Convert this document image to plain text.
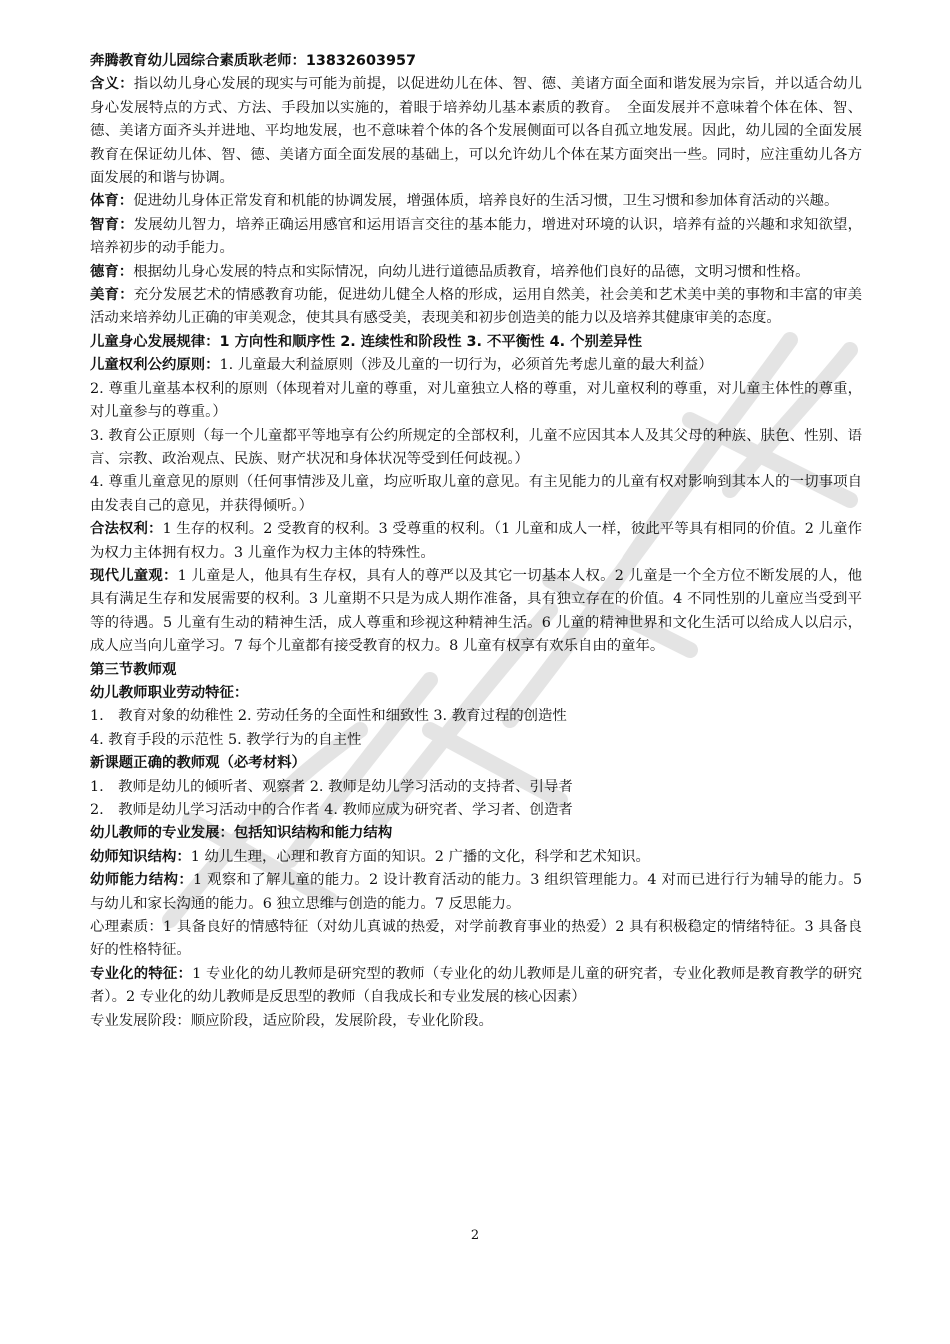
奔腾教育幼儿园综合素质耿老师：13832603957

含义：指以幼儿身心发展的现实与可能为前提，以促进幼儿在体、智、德、美诸方面全面和谐发展为宗旨，并以适合幼儿身心发展特点的方式、方法、手段加以实施的，着眼于培养幼儿基本素质的教育。　全面发展并不意味着个体在体、智、德、美诸方面齐头并进地、平均地发展，也不意味着个体的各个发展侧面可以各自孤立地发展。因此，幼儿园的全面发展教育在保证幼儿体、智、德、美诸方面全面发展的基础上，可以允许幼儿个体在某方面突出一些。同时，应注重幼儿各方面发展的和谐与协调。

体育：促进幼儿身体正常发育和机能的协调发展，增强体质，培养良好的生活习惯，卫生习惯和参加体育活动的兴趣。

智育：发展幼儿智力，培养正确运用感官和运用语言交往的基本能力，增进对环境的认识，培养有益的兴趣和求知欲望，培养初步的动手能力。

德育：根据幼儿身心发展的特点和实际情况，向幼儿进行道德品质教育，培养他们良好的品德，文明习惯和性格。

美育：充分发展艺术的情感教育功能，促进幼儿健全人格的形成，运用自然美，社会美和艺术美中美的事物和丰富的审美活动来培养幼儿正确的审美观念，使其具有感受美，表现美和初步创造美的能力以及培养其健康审美的态度。

儿童身心发展规律：1 方向性和顺序性 2. 连续性和阶段性 3. 不平衡性 4. 个别差异性

儿童权利公约原则：1. 儿童最大利益原则（涉及儿童的一切行为，必须首先考虑儿童的最大利益）

2. 尊重儿童基本权利的原则（体现着对儿童的尊重，对儿童独立人格的尊重，对儿童权利的尊重，对儿童主体性的尊重，对儿童参与的尊重。）

3. 教育公正原则（每一个儿童都平等地享有公约所规定的全部权利，儿童不应因其本人及其父母的种族、肤色、性别、语言、宗教、政治观点、民族、财产状况和身体状况等受到任何歧视。）

4. 尊重儿童意见的原则（任何事情涉及儿童，均应听取儿童的意见。有主见能力的儿童有权对影响到其本人的一切事项自由发表自己的意见，并获得倾听。）

合法权利：1 生存的权利。2 受教育的权利。3 受尊重的权利。（1 儿童和成人一样，彼此平等具有相同的价值。2 儿童作为权力主体拥有权力。3 儿童作为权力主体的特殊性。

现代儿童观：1 儿童是人，他具有生存权，具有人的尊严以及其它一切基本人权。2 儿童是一个全方位不断发展的人，他具有满足生存和发展需要的权利。3 儿童期不只是为成人期作准备，具有独立存在的价值。4 不同性别的儿童应当受到平等的待遇。5 儿童有生动的精神生活，成人尊重和珍视这种精神生活。6 儿童的精神世界和文化生活可以给成人以启示，成人应当向儿童学习。7 每个儿童都有接受教育的权力。8 儿童有权享有欢乐自由的童年。

第三节教师观

幼儿教师职业劳动特征：

1.　教育对象的幼稚性 2. 劳动任务的全面性和细致性 3. 教育过程的创造性

4. 教育手段的示范性 5. 教学行为的自主性

新课题正确的教师观（必考材料）

1.　教师是幼儿的倾听者、观察者 2. 教师是幼儿学习活动的支持者、引导者

2.　教师是幼儿学习活动中的合作者 4. 教师应成为研究者、学习者、创造者

幼儿教师的专业发展：包括知识结构和能力结构

幼师知识结构：1 幼儿生理，心理和教育方面的知识。2 广播的文化，科学和艺术知识。

幼师能力结构：1 观察和了解儿童的能力。2 设计教育活动的能力。3 组织管理能力。4 对而已进行行为辅导的能力。5 与幼儿和家长沟通的能力。6 独立思维与创造的能力。7 反思能力。

心理素质：1 具备良好的情感特征（对幼儿真诚的热爱，对学前教育事业的热爱）2 具有积极稳定的情绪特征。3 具备良好的性格特征。

专业化的特征：1 专业化的幼儿教师是研究型的教师（专业化的幼儿教师是儿童的研究者，专业化教师是教育教学的研究者）。2 专业化的幼儿教师是反思型的教师（自我成长和专业发展的核心因素）

专业发展阶段：顺应阶段，适应阶段，发展阶段，专业化阶段。

2
